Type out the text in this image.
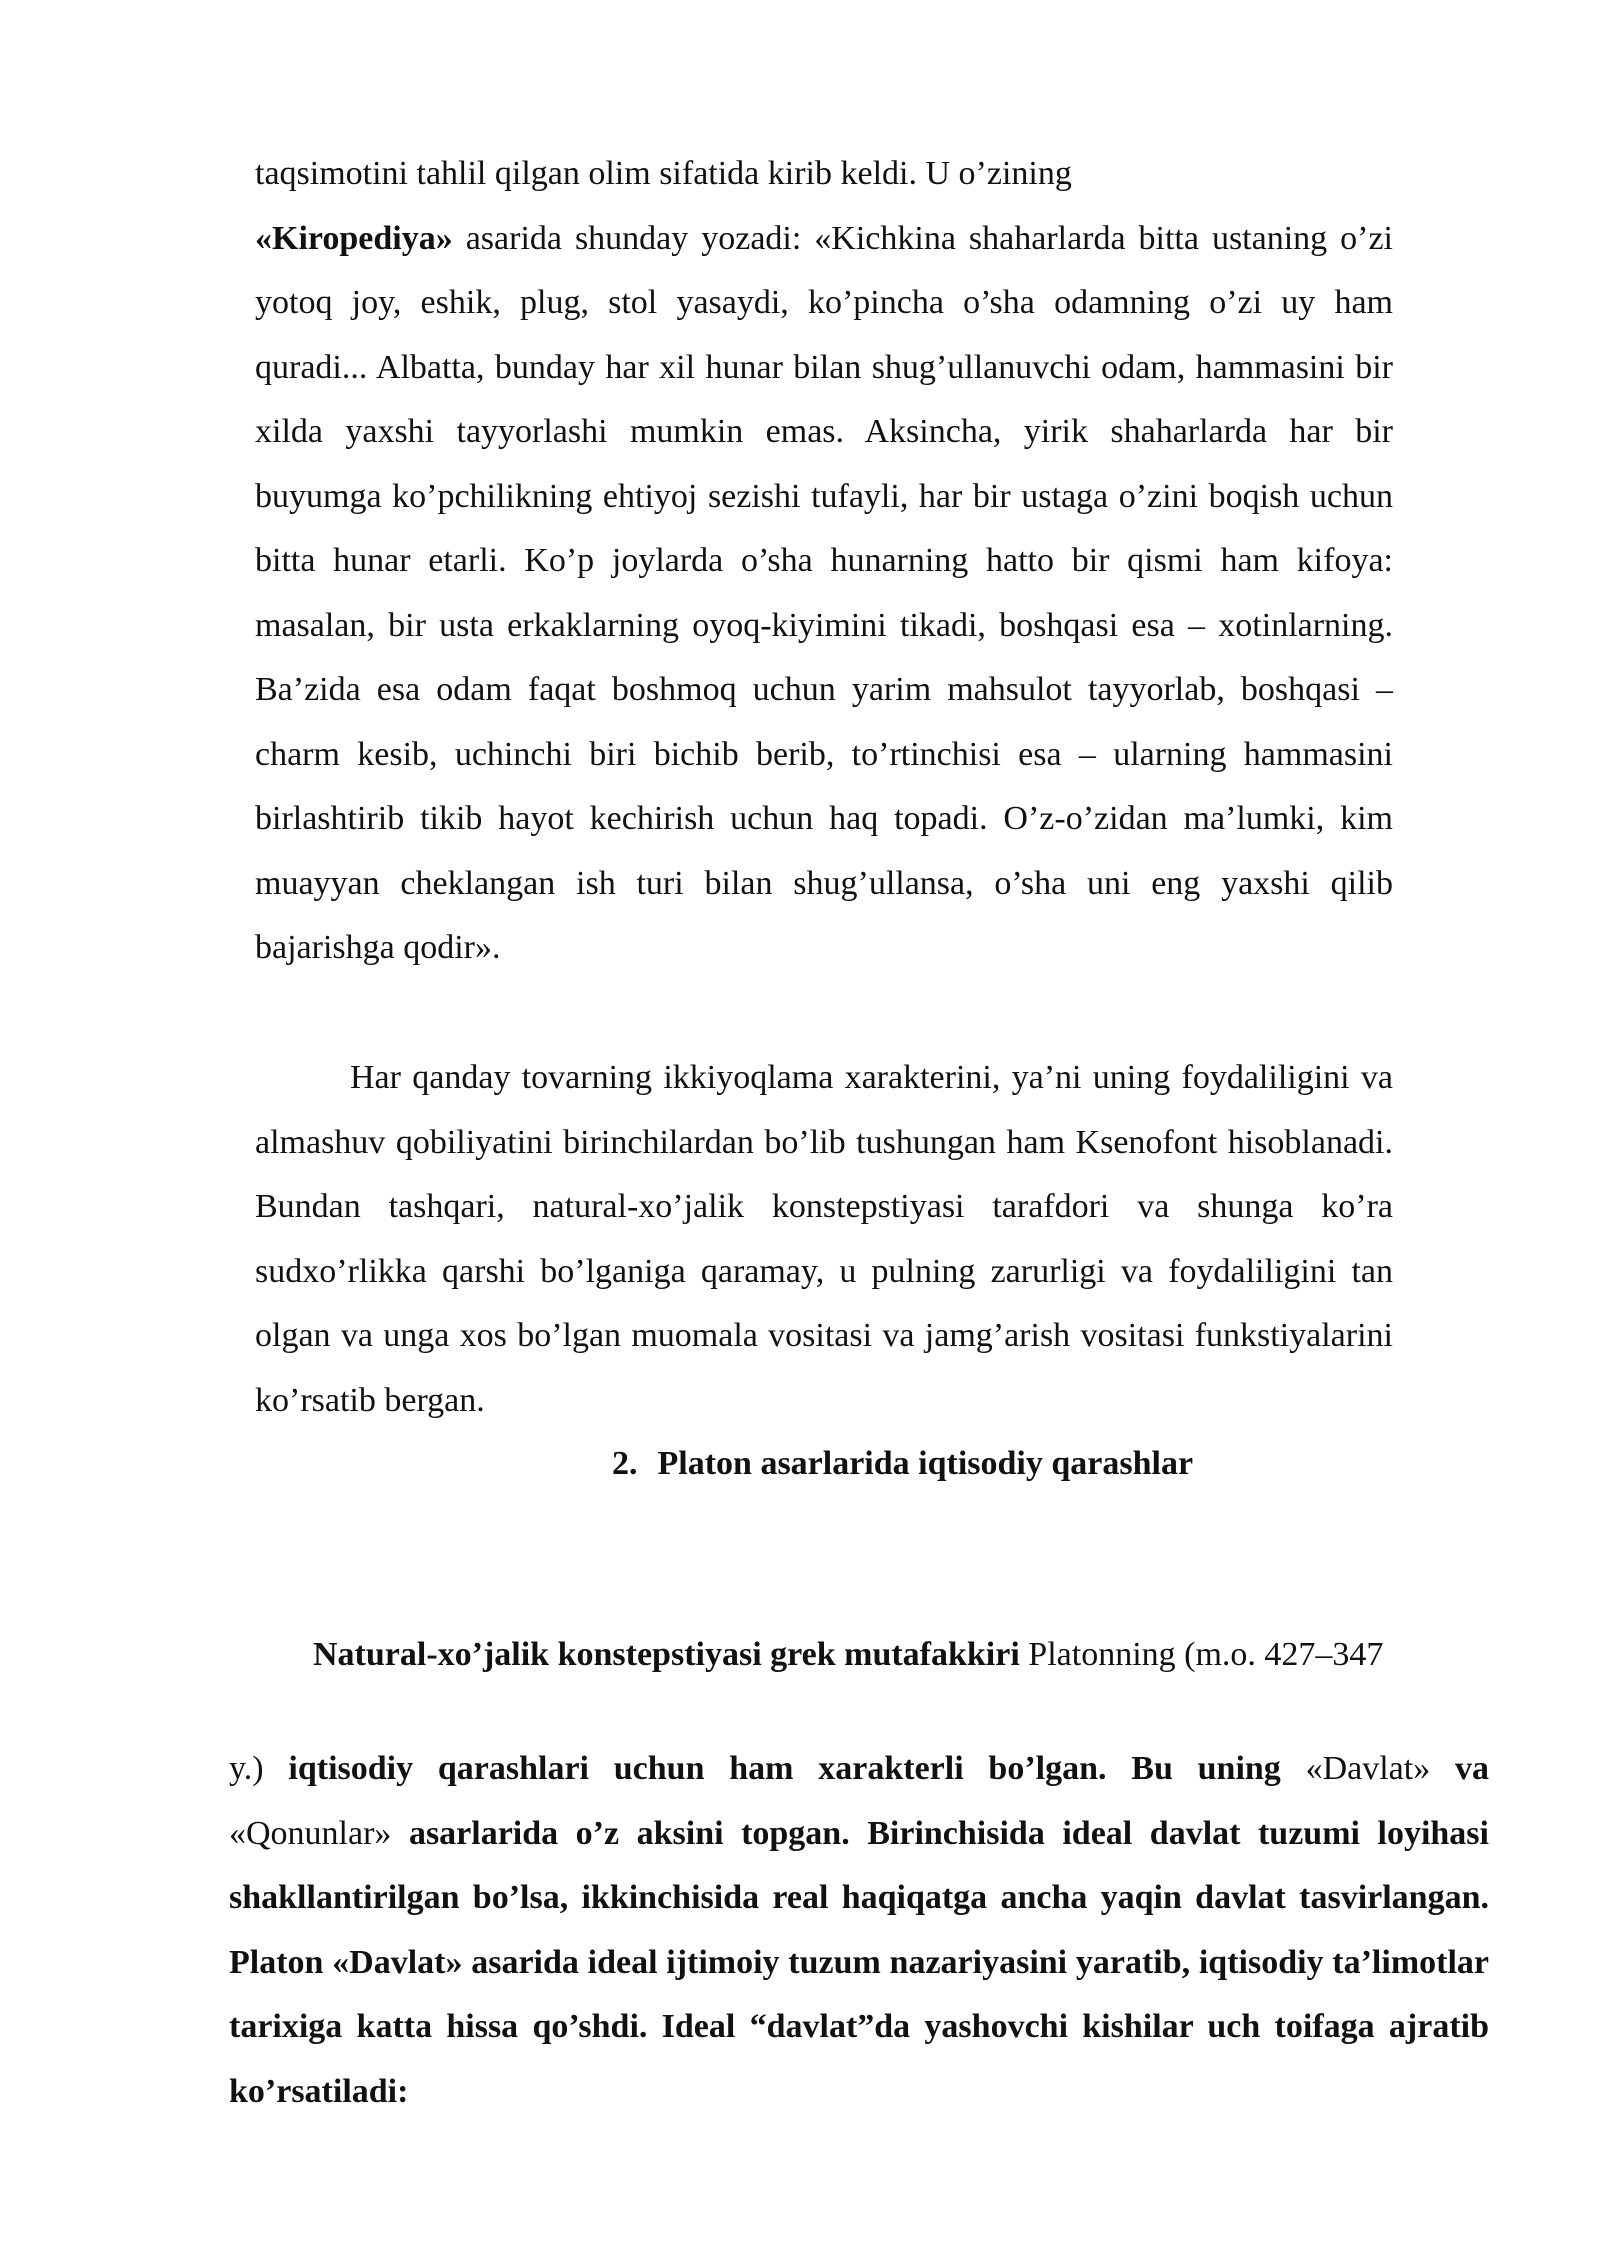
taqsimotini tahlil qilgan olim sifatida kirib keldi. U o’zining
«Kiropediya» asarida shunday yozadi: «Kichkina shaharlarda bitta ustaning o’zi yotoq joy, eshik, plug, stol yasaydi, ko’pincha o’sha odamning o’zi uy ham quradi... Albatta, bunday har xil hunar bilan shug’ullanuvchi odam, hammasini bir xilda yaxshi tayyorlashi mumkin emas. Aksincha, yirik shaharlarda har bir buyumga ko’pchilikning ehtiyoj sezishi tufayli, har bir ustaga o’zini boqish uchun bitta hunar etarli. Ko’p joylarda o’sha hunarning hatto bir qismi ham kifoya: masalan, bir usta erkaklarning oyoq-kiyimini tikadi, boshqasi esa – xotinlarning. Ba’zida esa odam faqat boshmoq uchun yarim mahsulot tayyorlab, boshqasi – charm kesib, uchinchi biri bichib berib, to’rtinchisi esa – ularning hammasini birlashtirib tikib hayot kechirish uchun haq topadi. O’z-o’zidan ma’lumki, kim muayyan cheklangan ish turi bilan shug’ullansa, o’sha uni eng yaxshi qilib bajarishga qodir».

Har qanday tovarning ikkiyoqlama xarakterini, ya’ni uning foydaliligini va almashuv qobiliyatini birinchilardan bo’lib tushungan ham Ksenofont hisoblanadi. Bundan tashqari, natural-xo’jalik konstepstiyasi tarafdori va shunga ko’ra sudxo’rlikka qarshi bo’lganiga qaramay, u pulning zarurligi va foydaliligini tan olgan va unga xos bo’lgan muomala vositasi va jamg’arish vositasi funkstiyalarini ko’rsatib bergan.

2. Platon asarlarida iqtisodiy qarashlar

Natural-xo’jalik konstepstiyasi grek mutafakkiri Platonning (m.o. 427–347

y.) iqtisodiy qarashlari uchun ham xarakterli bo’lgan. Bu uning «Davlat» va «Qonunlar» asarlarida o’z aksini topgan. Birinchisida ideal davlat tuzumi loyihasi shakllantirilgan bo’lsa, ikkinchisida real haqiqatga ancha yaqin davlat tasvirlangan. Platon «Davlat» asarida ideal ijtimoiy tuzum nazariyasini yaratib, iqtisodiy ta’limotlar tarixiga katta hissa qo’shdi. Ideal “davlat”da yashovchi kishilar uch toifaga ajratib ko’rsatiladi:
